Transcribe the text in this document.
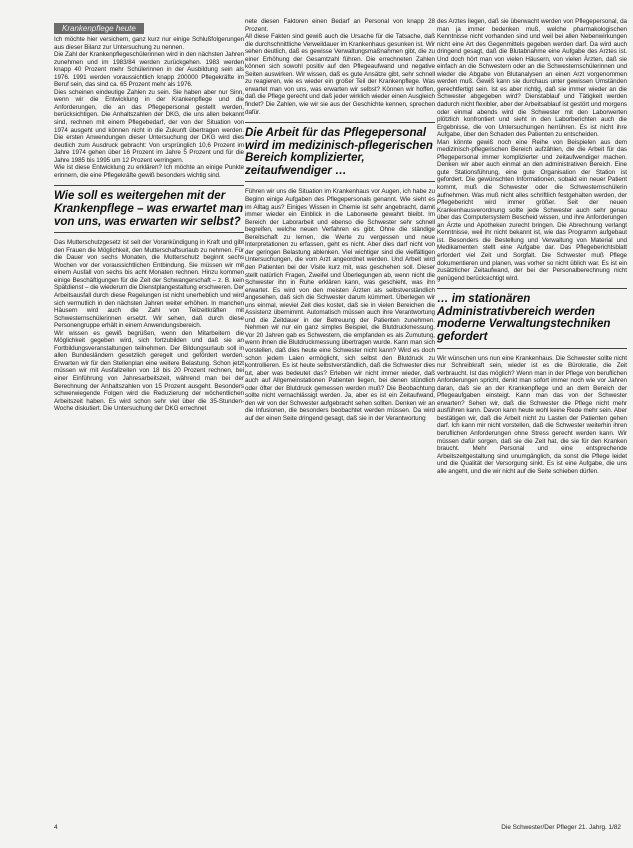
Krankenpflege heute

Ich möchte hier versichern, ganz kurz nur einige Schlußfolgerungen aus dieser Bilanz zur Untersuchung zu nennen.

Die Zahl der Krankenpflegeschülerinnen wird in den nächsten Jahren zunehmen und im 1983/84 werden zurückgehen. 1983 werden knapp 40 Prozent mehr Schülerinnen in der Ausbildung sein als 1976. 1991 werden voraussichtlich knapp 200000 Pflegekräfte im Beruf sein, das sind ca. 65 Prozent mehr als 1976.

Dies scheinen eindeutige Zahlen zu sein. Sie haben aber nur Sinn, wenn wir die Entwicklung in der Krankenpflege und die Anforderungen, die an das Pflegepersonal gestellt werden, berücksichtigen. Die Anhaltszahlen der DKG, die uns allen bekannt sind, rechnen mit einem Pflegebedarf, der von der Situation von 1974 ausgeht und können nicht in die Zukunft übertragen werden. Die ersten Anwendungen dieser Untersuchung der DKG wird dies deutlich zum Ausdruck gebracht: Von ursprünglich 10,6 Prozent im Jahre 1974 gehen über 16 Prozent im Jahre 5 Prozent und für die Jahre 1985 bis 1995 um 12 Prozent verringern.

Wie ist diese Entwicklung zu erklären? Ich möchte an einige Punkte erinnern, die eine Pflegekräfte gewiß besonders wichtig sind.

Wie soll es weitergehen mit der Krankenpflege – was erwartet man von uns, was erwarten wir selbst?

Das Mutterschutzgesetz ist seit der Vorankündigung in Kraft und gibt den Frauen die Möglichkeit, den Mutterschaftsurlaub zu nehmen. Für die Dauer von sechs Monaten, die Mutterschutz beginnt sechs Wochen vor der voraussichtlichen Entbindung. Sie müssen wir mit einem Ausfall von sechs bis acht Monaten rechnen. Hinzu kommen einige Beschäftigungen für die Zeit der Schwangerschaft – z. B. kein Spätdienst – die wiederum die Dienstplangestaltung erschweren. Der Arbeitsausfall durch diese Regelungen ist nicht unerheblich und wird sich vermutlich in den nächsten Jahren weiter erhöhen. In manchen Häusern wird auch die Zahl von Teilzeitkräften mit Schwesternschülerinnen ersetzt. Wir sehen, daß durch diese Personengruppe erhält in einem Anwendungsbereich.

Wir wissen es gewiß begrüßen, wenn den Mitarbeitern die Möglichkeit gegeben wird, sich fortzubilden und daß sie an Fortbildungsveranstaltungen teilnehmen. Der Bildungsurlaub soll in allen Bundesländern gesetzlich geregelt und gefördert werden. Erwarten wir für den Stellenplan eine weitere Belastung. Schon jetzt müssen wir mit Ausfallzeiten von 18 bis 20 Prozent rechnen, bei einer Einführung von Jahresarbeitszeit, während man bei der Berechnung der Anhaltszahlen von 15 Prozent ausgeht. Besonders schwerwiegende Folgen wird die Reduzierung der wöchentlichen Arbeitszeit haben. Es wird schon sehr viel über die 35-Stunden-Woche diskutiert. Die Untersuchung der DKG errechnet

nete diesen Faktoren einen Bedarf an Personal von knapp 28 Prozent.

All diese Fakten sind gewiß auch die Ursache für die Tatsache, daß die durchschnittliche Verweildauer im Krankenhaus gesunken ist. Wir sehen deutlich, daß es gewisse Verwaltungsmaßnahmen gibt, die zu einer Erhöhung der Gesamtzahl führen. Die errechneten Zahlen können sich sowohl positiv auf den Pflegeaufwand und negative Seiten auswirken. Wir wissen, daß es gute Ansätze gibt, sehr schnell zu reagieren, wie es wieder ein großer Teil der Krankenpflege. Was erwartet man von uns, was erwarten wir selbst? Können wir hoffen, daß die Pflege gerecht und daß jeder wirklich wieder einen Ausgleich findet? Die Zahlen, wie wir sie aus der Geschichte kennen, sprechen dafür.

Die Arbeit für das Pflegepersonal wird im medizinisch-pflegerischen Bereich komplizierter, zeitaufwendiger …

Führen wir uns die Situation im Krankenhaus vor Augen, ich habe zu Beginn einige Aufgaben des Pflegepersonals genannt. Wie sieht es im Alltag aus? Einiges Wissen in Chemie ist sehr angebracht, damit immer wieder ein Einblick in die Laborwerte gewahrt bleibt. Im Bereich der Laborarbeit und ebenso die Schwester sehr schnell begreifen, welche neuen Verfahren es gibt. Ohne die ständige Bereitschaft zu lernen, die Werte zu vergessen und neue Interpretationen zu erfassen, geht es nicht. Aber dies darf nicht von der geringen Belastung ablenken. Viel wichtiger sind die vielfältigen Untersuchungen, die vom Arzt angeordnet werden. Und Arbeit wird den Patienten bei der Visite kurz mit, was geschehen soll. Dieser stellt natürlich Fragen, Zweifel und Überlegungen ab, wenn nicht die Schwester ihn in Ruhe erklären kann, was geschieht, was ihn erwartet. Es wird von den meisten Ärzten als selbstverständlich angesehen, daß sich die Schwester darum kümmert. Überlegen wir uns einmal, wieviel Zeit dies kostet, daß sie in vielen Bereichen die Assistenz übernimmt. Automatisch müssen auch ihre Verantwortung und die Zeitdauer in der Betreuung der Patienten zunehmen. Nehmen wir nur ein ganz simples Beispiel, die Blutdruckmessung. Vor 20 Jahren gab es Schwestern, die empfanden es als Zumutung, wenn ihnen die Blutdruckmessung übertragen wurde. Kann man sich vorstellen, daß dies heute eine Schwester nicht kann? Wird es doch schon jedem Laien ermöglicht, sich selbst den Blutdruck zu kontrollieren. Es ist heute selbstverständlich, daß die Schwester dies tut, aber was bedeutet das? Erleben wir nicht immer wieder, daß auch auf Allgemeinstationen Patienten liegen, bei denen stündlich oder öfter der Blutdruck gemessen werden muß? Die Beobachtung sollte nicht vernachlässigt werden. Ja, aber es ist ein Zeitaufwand, den wir von der Schwester aufgebracht sehen sollten. Denken wir an die Infusionen, die besonders beobachtet werden müssen. Da wird auf der einen Seite dringend gesagt, daß sie in der Verantwortung

des Arztes liegen, daß sie überwacht werden von Pflegepersonal, da man ja immer bedenken muß, welche pharmakologischen Kenntnisse nicht vorhanden sind und weil bei allen Nebenwirkungen nicht eine Art des Gegenmittels gegeben werden darf. Da wird auch dringend gesagt, daß die Blutabnahme eine Aufgabe des Arztes ist. Und doch hört man von vielen Häusern, von vielen Ärzten, daß sie einfach an die Schwestern oder an die Schwesternschülerinnen und wieder die Abgabe von Blutanalysen an einen Arzt vorgenommen werden muß. Gewiß kann sie durchaus unter gewissen Umständen gerechtfertigt sein. Ist es aber richtig, daß sie immer wieder an die Schwester abgegeben wird? Dienstablauf und Tätigkeit werden dadurch nicht flexibler, aber der Arbeitsablauf ist gestört und morgens oder einmal abends wird die Schwester mit den Laborwerten plötzlich konfrontiert und sieht in den Laborberichten auch die Ergebnisse, die von Untersuchungen herrühren. Es ist nicht ihre Aufgabe, über den Schaden des Patienten zu entscheiden.

Man könnte gewiß noch eine Reihe von Beispielen aus dem medizinisch-pflegerischen Bereich aufzählen, die die Arbeit für das Pflegepersonal immer komplizierter und zeitaufwendiger machen. Denken wir aber auch einmal an den administrativen Bereich. Eine gute Stationsführung, eine gute Organisation der Station ist gefordert. Die gewünschten Informationen, sobald ein neuer Patient kommt, muß die Schwester oder die Schwesternschülerin aufnehmen. Was muß nicht alles schriftlich festgehalten werden, der Pflegebericht wird immer größer. Seit der neuen Krankenhausverordnung sollte jede Schwester auch sehr genau über das Computersystem Bescheid wissen, und ihre Anforderungen an Ärzte und Apotheken zurecht bringen. Die Abrechnung verlangt Kenntnisse, weil ihr nicht bekannt ist, wie das Programm aufgebaut ist. Besonders die Bestellung und Verwaltung von Material und Medikamenten stellt eine Aufgabe dar. Das Pflegeberichtsblatt erfordert viel Zeit und Sorgfalt. Die Schwester muß Pflege dokumentieren und planen, was vorher so nicht üblich war. Es ist ein zusätzlicher Zeitaufwand, der bei der Personalberechnung nicht genügend berücksichtigt wird.

… im stationären Administrativbereich werden moderne Verwaltungstechniken gefordert

Wir wünschen uns nun eine Krankenhaus. Die Schwester sollte nicht nur Schreibkraft sein, wieder ist es die Bürokratie, die Zeit verbraucht. Ist das möglich? Wenn man in der Pflege von beruflichen Anforderungen spricht, denkt man sofort immer noch wie vor Jahren daran, daß sie an der Krankenpflege und an dem Bereich der Pflegeaufgaben einsteigt. Kann man das von der Schwester erwarten? Sehen wir, daß die Schwester die Pflege nicht mehr ausführen kann. Davon kann heute wohl keine Rede mehr sein. Aber bestätigen wir, daß die Arbeit nicht zu Lasten der Patienten gehen darf. Ich kann mir nicht vorstellen, daß die Schwester weiterhin ihren beruflichen Anforderungen ohne Stress gerecht werden kann. Wir müssen dafür sorgen, daß sie die Zeit hat, die sie für den Kranken braucht. Mehr Personal und eine entsprechende Arbeitszeitgestaltung sind unumgänglich, da sonst die Pflege leidet und die Qualität der Versorgung sinkt. Es ist eine Aufgabe, die uns alle angeht, und die wir nicht auf die Seite schieben dürfen.

4	Die Schwester/Der Pfleger 21. Jahrg. 1/82
